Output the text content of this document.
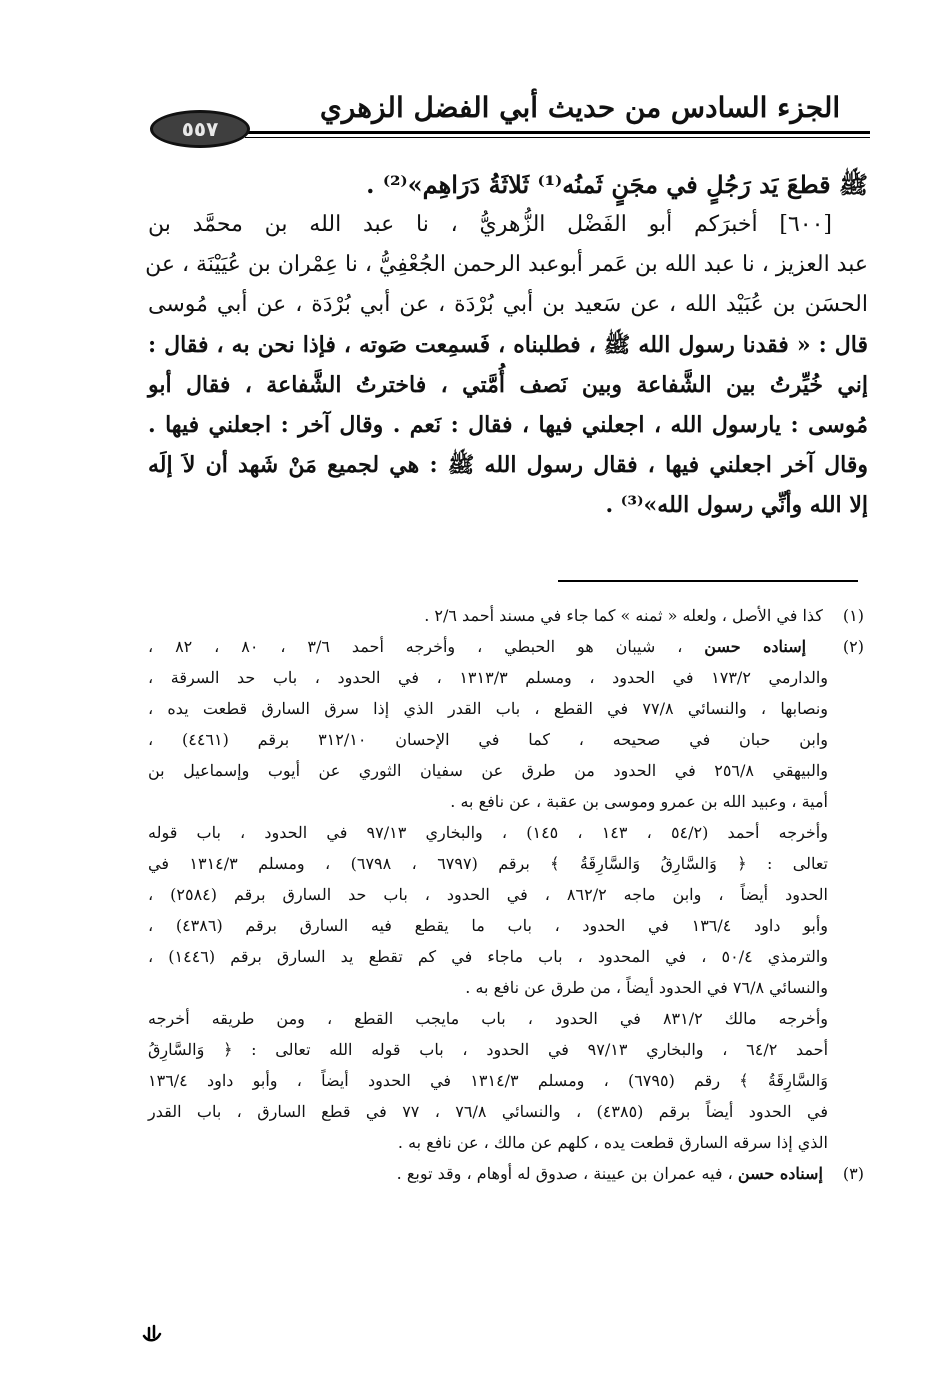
الجزء السادس من حديث أبي الفضل الزهري
٥٥٧
ﷺ قطعَ يَد رَجُلٍ في مجَنٍ ثَمنُه⁽¹⁾ ثَلاثَةُ دَرَاهِم»⁽²⁾ .
[٦٠٠] أخبرَكم أبو الفَضْل الزُّهريُّ ، نا عبد الله بن محمَّد بن
عبد العزيز ، نا عبد الله بن عَمر أبوعبد الرحمن الجُعْفِيُّ ، نا عِمْران بن عُيَيْنَة ، عن
الحسَن بن عُبَيْد الله ، عن سَعيد بن أبي بُرْدَة ، عن أبي بُرْدَة ، عن أبي مُوسى
قال : « فقدنا رسول الله ﷺ ، فطلبناه ، فَسمِعت صَوته ، فإذا نحن به ، فقال :
إني خُيِّرتُ بين الشَّفاعة وبين نَصف أُمَّتي ، فاخترتُ الشَّفاعة ، فقال أبو
مُوسى : يارسول الله ، اجعلني فيها ، فقال : نَعم . وقال آخر : اجعلني فيها .
وقال آخر اجعلني فيها ، فقال رسول الله ﷺ : هي لجميع مَنْ شَهد أن لاَ إلَه
إلا الله وأنِّي رسول الله»⁽³⁾ .
(١) كذا في الأصل ، ولعله « ثمنه » كما جاء في مسند أحمد ٢/٦ .
(٢) إسناده حسن ، شيبان هو الحبطي ، وأخرجه أحمد ٣/٦ ، ٨٠ ، ٨٢ ،
والدارمي ١٧٣/٢ في الحدود ، ومسلم ١٣١٣/٣ ، في الحدود ، باب حد السرقة ،
ونصابها ، والنسائي ٧٧/٨ في القطع ، باب القدر الذي إذا سرق السارق قطعت يده ،
وابن حبان في صحيحه ، كما في الإحسان ٣١٢/١٠ برقم (٤٤٦١) ،
والبيهقي ٢٥٦/٨ في الحدود من طرق عن سفيان الثوري عن أيوب وإسماعيل بن
أمية ، وعبيد الله بن عمرو وموسى بن عقبة ، عن نافع به .
وأخرجه أحمد (٥٤/٢ ، ١٤٣ ، ١٤٥) ، والبخاري ٩٧/١٣ في الحدود ، باب قوله
تعالى : ﴿ وَالسَّارِقُ وَالسَّارِقَةُ ﴾ برقم (٦٧٩٧ ، ٦٧٩٨) ، ومسلم ١٣١٤/٣ في
الحدود أيضاً ، وابن ماجه ٨٦٢/٢ ، في الحدود ، باب حد السارق برقم (٢٥٨٤) ،
وأبو داود ١٣٦/٤ في الحدود ، باب ما يقطع فيه السارق برقم (٤٣٨٦) ،
والترمذي ٥٠/٤ ، في المحدود ، باب ماجاء في كم تقطع يد السارق برقم (١٤٤٦) ،
والنسائي ٧٦/٨ في الحدود أيضاً ، من طرق عن نافع به .
وأخرجه مالك ٨٣١/٢ في الحدود ، باب مايجب القطع ، ومن طريقه أخرجه
أحمد ٦٤/٢ ، والبخاري ٩٧/١٣ في الحدود ، باب قوله الله تعالى : ﴿ وَالسَّارِقُ
وَالسَّارِقَةُ ﴾ رقم (٦٧٩٥) ، ومسلم ١٣١٤/٣ في الحدود أيضاً ، وأبو داود ١٣٦/٤
في الحدود أيضاً برقم (٤٣٨٥) ، والنسائي ٧٦/٨ ، ٧٧ في قطع السارق ، باب القدر
الذي إذا سرقه السارق قطعت يده ، كلهم عن مالك ، عن نافع به .
(٣) إسناده حسن ، فيه عمران بن عيينة ، صدوق له أوهام ، وقد توبع .
